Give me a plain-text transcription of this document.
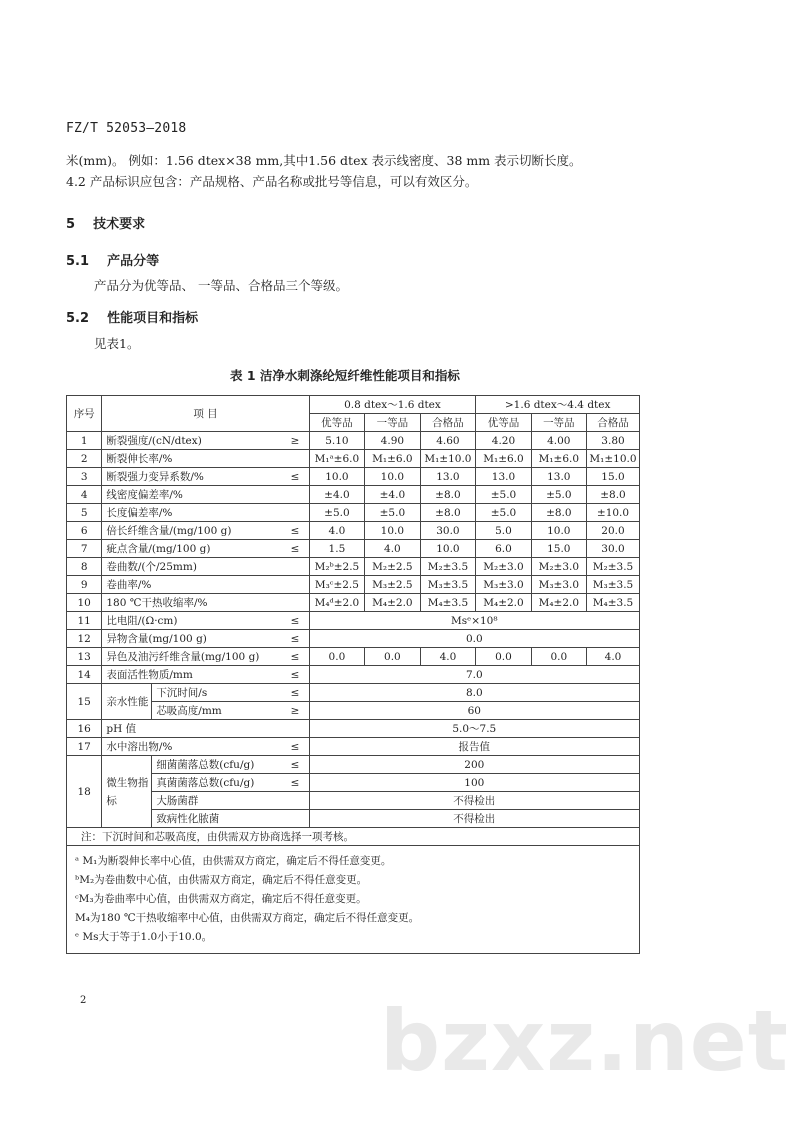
FZ/T 52053—2018
米(mm)。 例如：1.56 dtex×38 mm,其中1.56 dtex 表示线密度、38 mm 表示切断长度。
4.2 产品标识应包含：产品规格、产品名称或批号等信息，可以有效区分。
5 技术要求
5.1 产品分等
产品分为优等品、 一等品、合格品三个等级。
5.2 性能项目和指标
见表1。
表 1 洁净水刺涤纶短纤维性能项目和指标
序号	项 目			0.8 dtex～1.6 dtex			>1.6 dtex～4.4 dtex		
				优等品	一等品	合格品	优等品	一等品	合格品
1	断裂强度/(cN/dtex)		≥	5.10	4.90	4.60	4.20	4.00	3.80
2	断裂伸长率/%			M₁ᵃ±6.0	M₁±6.0	M₁±10.0	M₁±6.0	M₁±6.0	M₁±10.0
3	断裂强力变异系数/%		≤	10.0	10.0	13.0	13.0	13.0	15.0
4	线密度偏差率/%			±4.0	±4.0	±8.0	±5.0	±5.0	±8.0
5	长度偏差率/%			±5.0	±5.0	±8.0	±5.0	±8.0	±10.0
6	倍长纤维含量/(mg/100 g)		≤	4.0	10.0	30.0	5.0	10.0	20.0
7	疵点含量/(mg/100 g)		≤	1.5	4.0	10.0	6.0	15.0	30.0
8	卷曲数/(个/25mm)			M₂ᵇ±2.5	M₂±2.5	M₂±3.5	M₂±3.0	M₂±3.0	M₂±3.5
9	卷曲率/%			M₃ᶜ±2.5	M₃±2.5	M₃±3.5	M₃±3.0	M₃±3.0	M₃±3.5
10	180 ℃干热收缩率/%			M₄ᵈ±2.0	M₄±2.0	M₄±3.5	M₄±2.0	M₄±2.0	M₄±3.5
11	比电阻/(Ω·cm)		≤	Msᵉ×10⁸					
12	异物含量(mg/100 g)		≤	0.0					
13	异色及油污纤维含量(mg/100 g)		≤	0.0	0.0	4.0	0.0	0.0	4.0
14	表面活性物质/mm		≤	7.0					
15	亲水性能	下沉时间/s	≤	8.0					
		芯吸高度/mm	≥	60					
16	pH 值			5.0～7.5					
17	水中溶出物/%		≤	报告值					
18	微生物指标	细菌菌落总数(cfu/g)	≤	200					
		真菌菌落总数(cfu/g)	≤	100					
		大肠菌群		不得检出					
		致病性化脓菌		不得检出					
注：下沉时间和芯吸高度，由供需双方协商选择一项考核。									

ᵃ M₁为断裂伸长率中心值，由供需双方商定，确定后不得任意变更。
ᵇM₂为卷曲数中心值，由供需双方商定，确定后不得任意变更。
ᶜM₃为卷曲率中心值，由供需双方商定，确定后不得任意变更。
M₄为180 ℃干热收缩率中心值，由供需双方商定，确定后不得任意变更。
ᵉ Ms大于等于1.0小于10.0。									
2	bzxz.net
